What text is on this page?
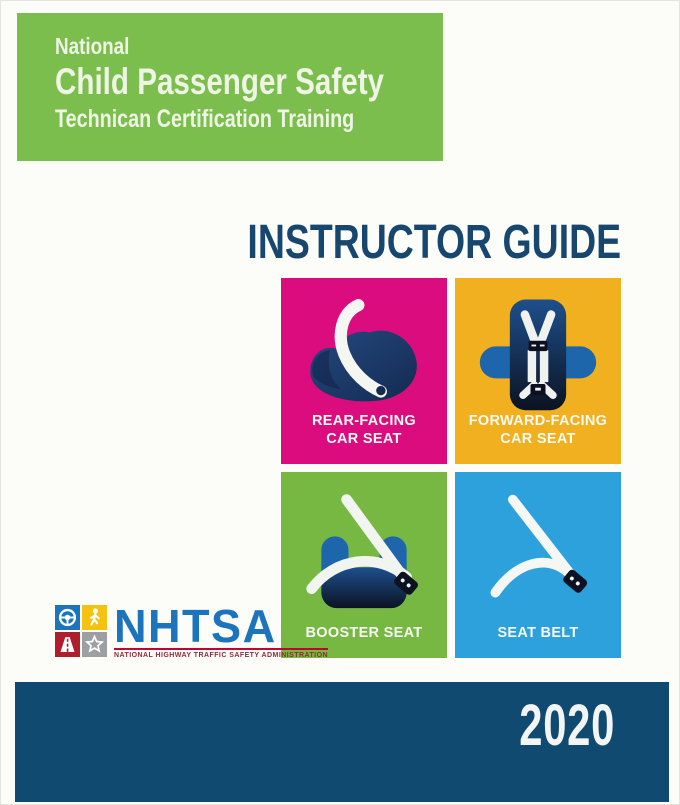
National
Child Passenger Safety
Technican Certification Training
INSTRUCTOR GUIDE
REAR-FACING
CAR SEAT
FORWARD-FACING
CAR SEAT
BOOSTER SEAT	SEAT BELT
NHTSA
NATIONAL HIGHWAY TRAFFIC SAFETY ADMINISTRATION
2020
